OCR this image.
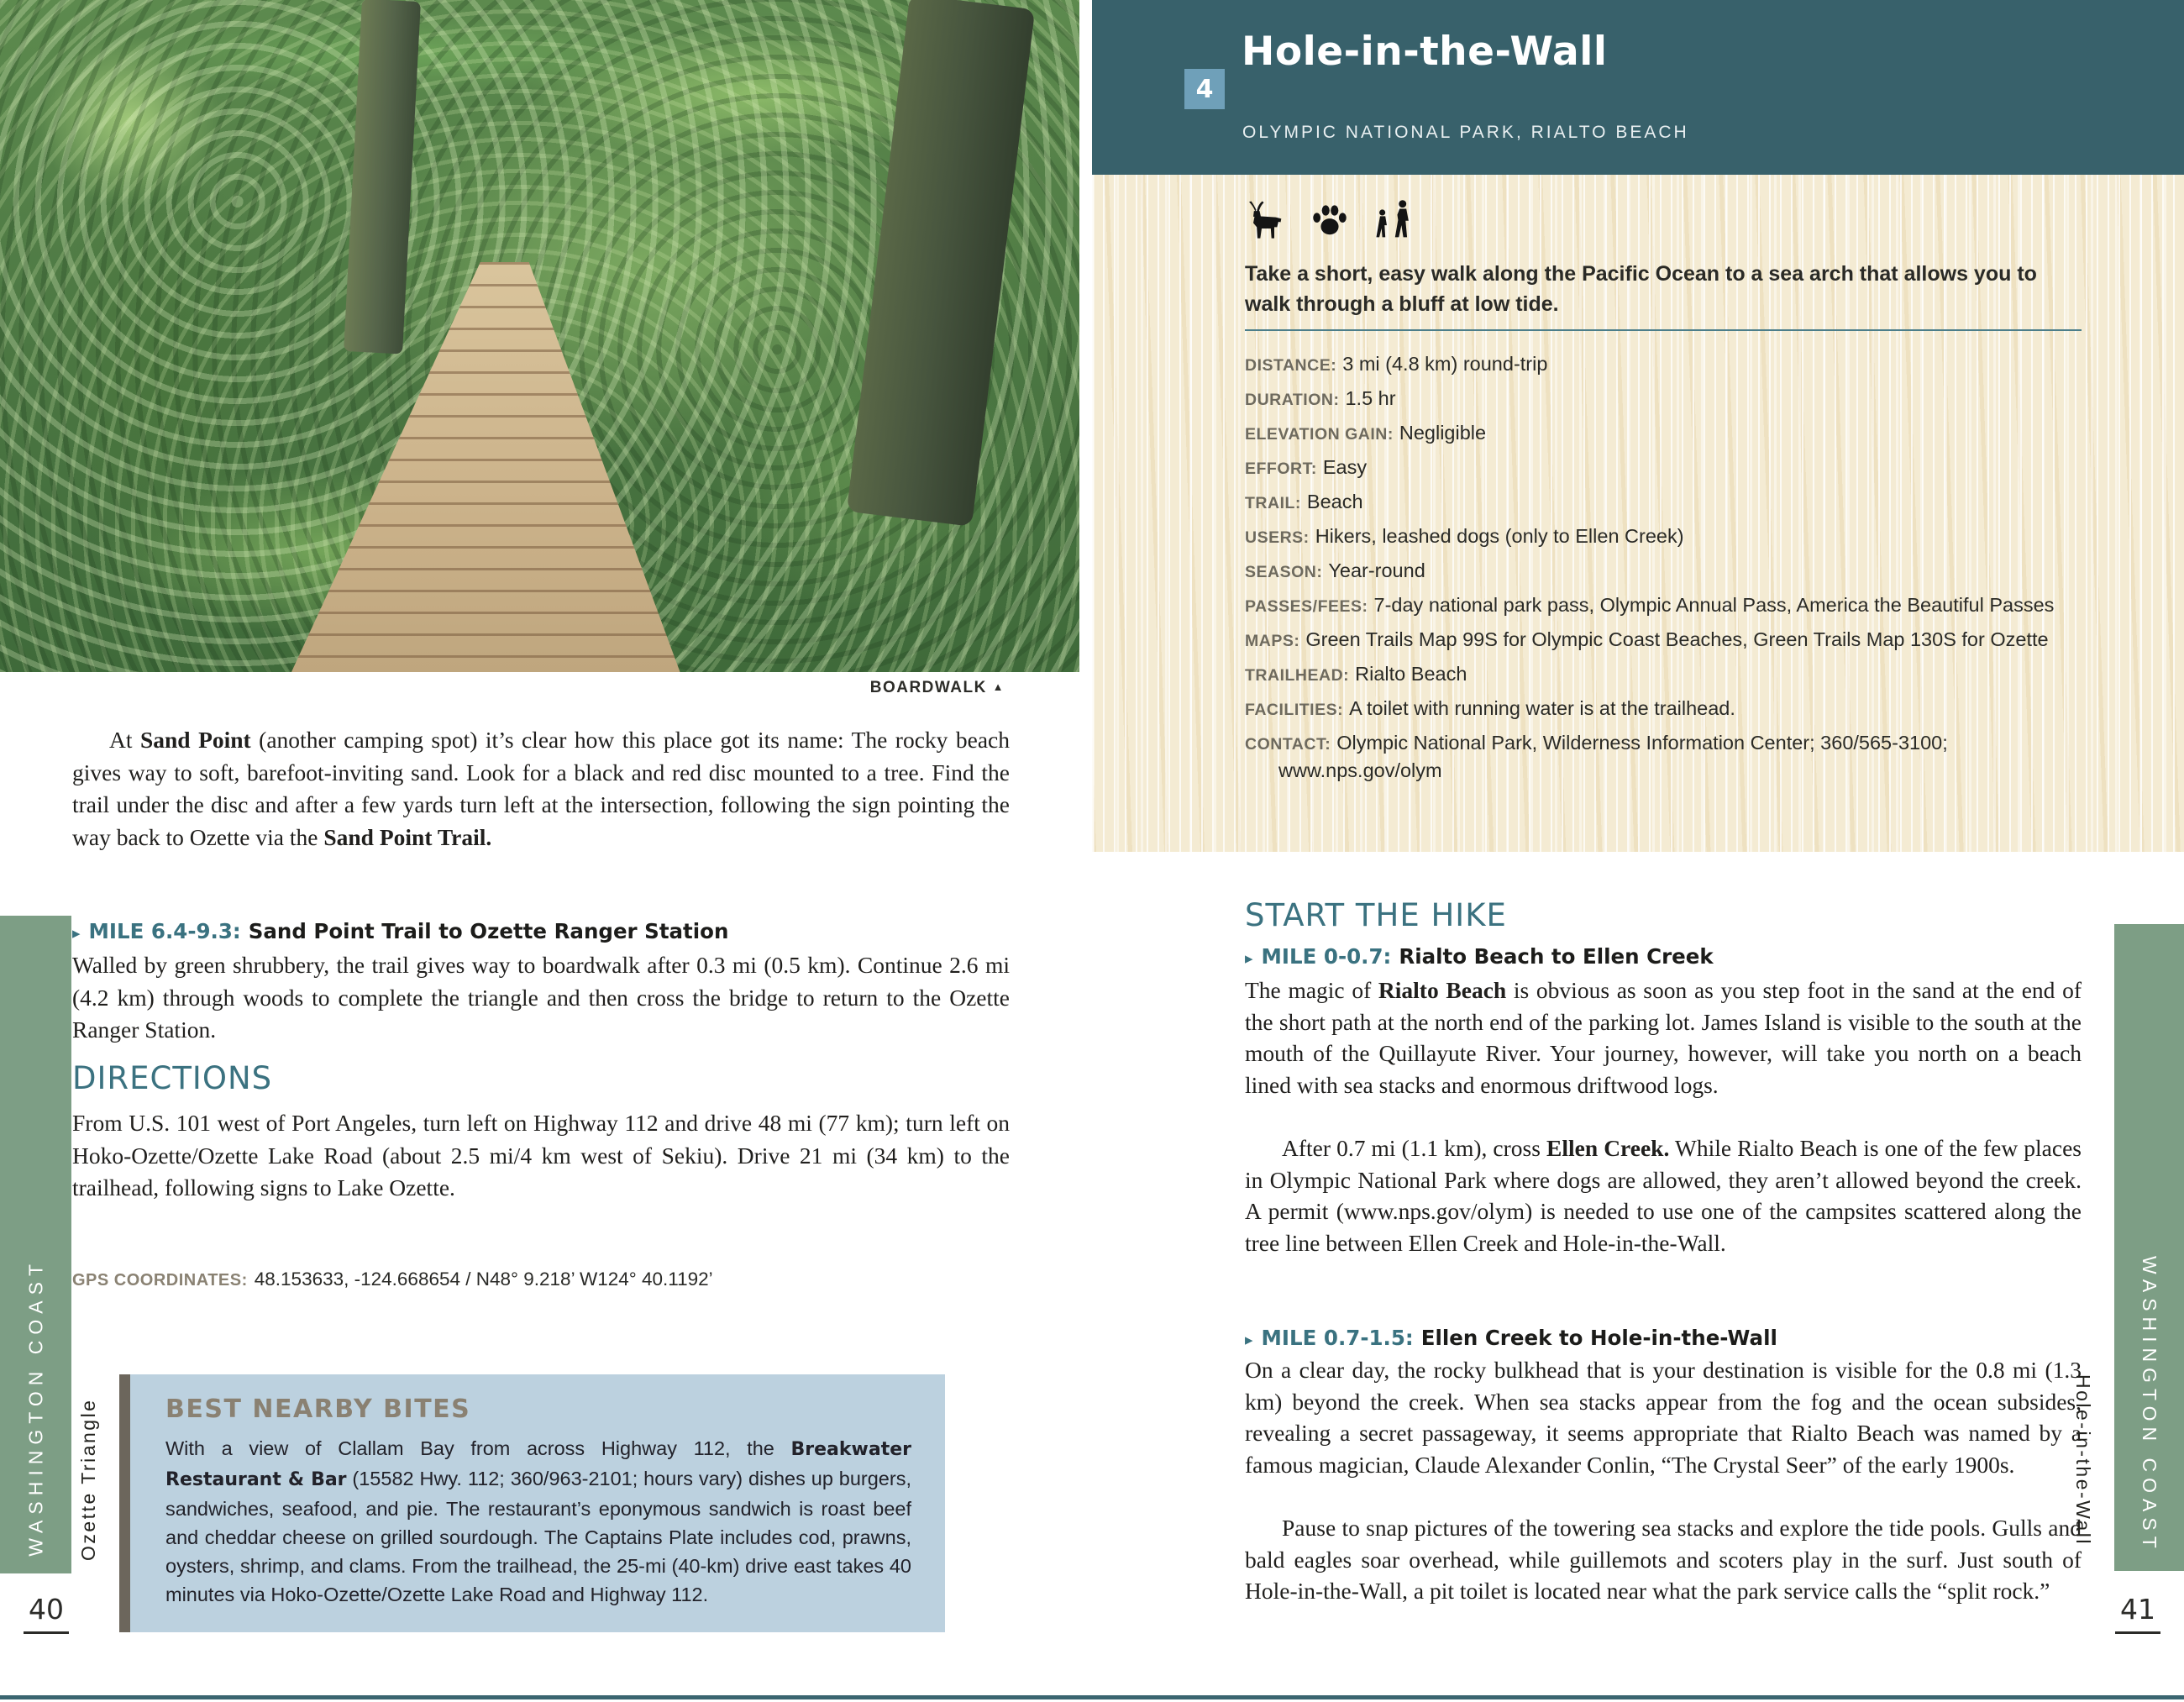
BOARDWALK ▲
At Sand Point (another camping spot) it’s clear how this place got its name: The rocky beach gives way to soft, barefoot-inviting sand. Look for a black and red disc mounted to a tree. Find the trail under the disc and after a few yards turn left at the intersection, following the sign pointing the way back to Ozette via the Sand Point Trail.
▸ MILE 6.4-9.3: Sand Point Trail to Ozette Ranger Station
Walled by green shrubbery, the trail gives way to boardwalk after 0.3 mi (0.5 km). Continue 2.6 mi (4.2 km) through woods to complete the triangle and then cross the bridge to return to the Ozette Ranger Station.
DIRECTIONS
From U.S. 101 west of Port Angeles, turn left on Highway 112 and drive 48 mi (77 km); turn left on Hoko-Ozette/Ozette Lake Road (about 2.5 mi/4 km west of Sekiu). Drive 21 mi (34 km) to the trailhead, following signs to Lake Ozette.
GPS COORDINATES: 48.153633, -124.668654 / N48° 9.218’ W124° 40.1192’
BEST NEARBY BITES
With a view of Clallam Bay from across Highway 112, the Breakwater Restaurant & Bar (15582 Hwy. 112; 360/963-2101; hours vary) dishes up burgers, sandwiches, seafood, and pie. The restaurant’s eponymous sandwich is roast beef and cheddar cheese on grilled sourdough. The Captains Plate includes cod, prawns, oysters, shrimp, and clams. From the trailhead, the 25-mi (40-km) drive east takes 40 minutes via Hoko-Ozette/Ozette Lake Road and Highway 112.
WASHINGTON COAST Ozette Triangle
40
4
Hole-in-the-Wall
OLYMPIC NATIONAL PARK, RIALTO BEACH
Take a short, easy walk along the Pacific Ocean to a sea arch that allows you to walk through a bluff at low tide.
DISTANCE: 3 mi (4.8 km) round-trip
DURATION: 1.5 hr
ELEVATION GAIN: Negligible
EFFORT: Easy
TRAIL: Beach
USERS: Hikers, leashed dogs (only to Ellen Creek)
SEASON: Year-round
PASSES/FEES: 7-day national park pass, Olympic Annual Pass, America the Beautiful Passes
MAPS: Green Trails Map 99S for Olympic Coast Beaches, Green Trails Map 130S for Ozette
TRAILHEAD: Rialto Beach
FACILITIES: A toilet with running water is at the trailhead.
CONTACT: Olympic National Park, Wilderness Information Center; 360/565-3100; www.nps.gov/olym
START THE HIKE
▸ MILE 0-0.7: Rialto Beach to Ellen Creek
The magic of Rialto Beach is obvious as soon as you step foot in the sand at the end of the short path at the north end of the parking lot. James Island is visible to the south at the mouth of the Quillayute River. Your journey, however, will take you north on a beach lined with sea stacks and enormous driftwood logs.
After 0.7 mi (1.1 km), cross Ellen Creek. While Rialto Beach is one of the few places in Olympic National Park where dogs are allowed, they aren’t allowed beyond the creek. A permit (www.nps.gov/olym) is needed to use one of the campsites scattered along the tree line between Ellen Creek and Hole-in-the-Wall.
▸ MILE 0.7-1.5: Ellen Creek to Hole-in-the-Wall
On a clear day, the rocky bulkhead that is your destination is visible for the 0.8 mi (1.3 km) beyond the creek. When sea stacks appear from the fog and the ocean subsides, revealing a secret passageway, it seems appropriate that Rialto Beach was named by a famous magician, Claude Alexander Conlin, “The Crystal Seer” of the early 1900s.
Pause to snap pictures of the towering sea stacks and explore the tide pools. Gulls and bald eagles soar overhead, while guillemots and scoters play in the surf. Just south of Hole-in-the-Wall, a pit toilet is located near what the park service calls the “split rock.”
WASHINGTON COAST
Hole-in-the-Wall
41
